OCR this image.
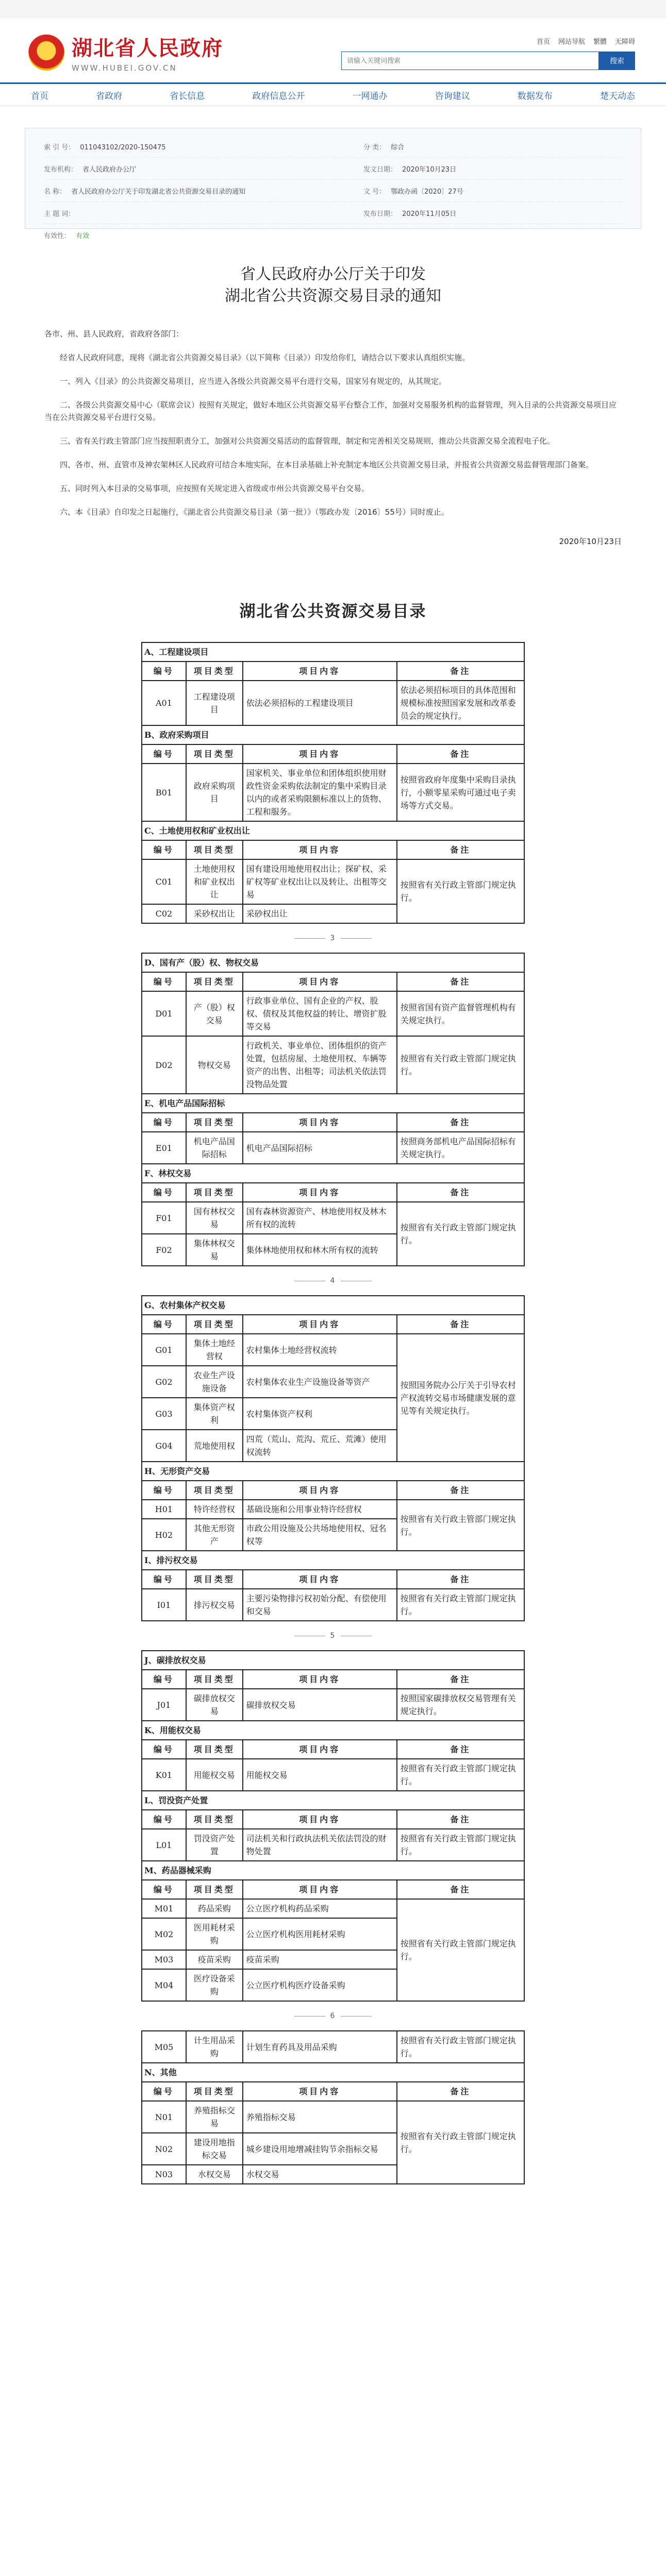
★ 湖北省人民政府
WWW.HUBEI.GOV.CN
首页 网站导航 繁體 无障碍
请输入关键词搜索
搜索
首页	省政府	省长信息	政府信息公开	一网通办	咨询建议	数据发布	楚天动态
索 引 号： 011043102/2020-150475	分 类： 综合
发布机构： 省人民政府办公厅	发文日期： 2020年10月23日
名 称： 省人民政府办公厅关于印发湖北省公共资源交易目录的通知	文 号： 鄂政办函〔2020〕27号
主 题 词：	发布日期： 2020年11月05日
有效性： 有效
省人民政府办公厅关于印发
湖北省公共资源交易目录的通知

各市、州、县人民政府，省政府各部门：

经省人民政府同意，现将《湖北省公共资源交易目录》（以下简称《目录》）印发给你们，请结合以下要求认真组织实施。

一、列入《目录》的公共资源交易项目，应当进入各级公共资源交易平台进行交易，国家另有规定的，从其规定。

二、各级公共资源交易中心（联席会议）按照有关规定，做好本地区公共资源交易平台整合工作，加强对交易服务机构的监督管理，列入目录的公共资源交易项目应当在公共资源交易平台进行交易。

三、省有关行政主管部门应当按照职责分工，加强对公共资源交易活动的监督管理，制定和完善相关交易规则，推动公共资源交易全流程电子化。

四、各市、州、直管市及神农架林区人民政府可结合本地实际，在本目录基础上补充制定本地区公共资源交易目录，并报省公共资源交易监督管理部门备案。

五、同时列入本目录的交易事项，应按照有关规定进入省级或市州公共资源交易平台交易。

六、本《目录》自印发之日起施行，《湖北省公共资源交易目录（第一批）》（鄂政办发〔2016〕55号）同时废止。

2020年10月23日
湖北省公共资源交易目录
A、工程建设项目			
编号	项目类型	项目内容	备注
A01	工程建设项目	依法必须招标的工程建设项目	依法必须招标项目的具体范围和规模标准按照国家发展和改革委员会的规定执行。
B、政府采购项目			
编号	项目类型	项目内容	备注
B01	政府采购项目	国家机关、事业单位和团体组织使用财政性资金采购依法制定的集中采购目录以内的或者采购限额标准以上的货物、工程和服务。	按照省政府年度集中采购目录执行，小额零星采购可通过电子卖场等方式交易。
C、土地使用权和矿业权出让			
编号	项目类型	项目内容	备注
C01	土地使用权和矿业权出让	国有建设用地使用权出让；探矿权、采矿权等矿业权出让以及转让、出租等交易	按照省有关行政主管部门规定执行。
C02	采砂权出让	采砂权出让	
3
D、国有产（股）权、物权交易			
编号	项目类型	项目内容	备注
D01	产（股）权交易	行政事业单位、国有企业的产权、股权、债权及其他权益的转让、增资扩股等交易	按照省国有资产监督管理机构有关规定执行。
D02	物权交易	行政机关、事业单位、团体组织的资产处置，包括房屋、土地使用权、车辆等资产的出售、出租等；司法机关依法罚没物品处置	按照省有关行政主管部门规定执行。
E、机电产品国际招标			
编号	项目类型	项目内容	备注
E01	机电产品国际招标	机电产品国际招标	按照商务部机电产品国际招标有关规定执行。
F、林权交易			
编号	项目类型	项目内容	备注
F01	国有林权交易	国有森林资源资产、林地使用权及林木所有权的流转	按照省有关行政主管部门规定执行。
F02	集体林权交易	集体林地使用权和林木所有权的流转	
4
G、农村集体产权交易			
编号	项目类型	项目内容	备注
G01	集体土地经营权	农村集体土地经营权流转	按照国务院办公厅关于引导农村产权流转交易市场健康发展的意见等有关规定执行。
G02	农业生产设施设备	农村集体农业生产设施设备等资产	
G03	集体资产权利	农村集体资产权利	
G04	荒地使用权	四荒（荒山、荒沟、荒丘、荒滩）使用权流转	
H、无形资产交易			
编号	项目类型	项目内容	备注
H01	特许经营权	基础设施和公用事业特许经营权	按照省有关行政主管部门规定执行。
H02	其他无形资产	市政公用设施及公共场地使用权、冠名权等	
I、排污权交易			
编号	项目类型	项目内容	备注
I01	排污权交易	主要污染物排污权初始分配、有偿使用和交易	按照省有关行政主管部门规定执行。
5
J、碳排放权交易			
编号	项目类型	项目内容	备注
J01	碳排放权交易	碳排放权交易	按照国家碳排放权交易管理有关规定执行。
K、用能权交易			
编号	项目类型	项目内容	备注
K01	用能权交易	用能权交易	按照省有关行政主管部门规定执行。
L、罚没资产处置			
编号	项目类型	项目内容	备注
L01	罚没资产处置	司法机关和行政执法机关依法罚没的财物处置	按照省有关行政主管部门规定执行。
M、药品器械采购			
编号	项目类型	项目内容	备注
M01	药品采购	公立医疗机构药品采购	按照省有关行政主管部门规定执行。
M02	医用耗材采购	公立医疗机构医用耗材采购	
M03	疫苗采购	疫苗采购	
M04	医疗设备采购	公立医疗机构医疗设备采购	
6
M05	计生用品采购	计划生育药具及用品采购	按照省有关行政主管部门规定执行。
N、其他			
编号	项目类型	项目内容	备注
N01	养殖指标交易	养殖指标交易	按照省有关行政主管部门规定执行。
N02	建设用地指标交易	城乡建设用地增减挂钩节余指标交易	
N03	水权交易	水权交易	
